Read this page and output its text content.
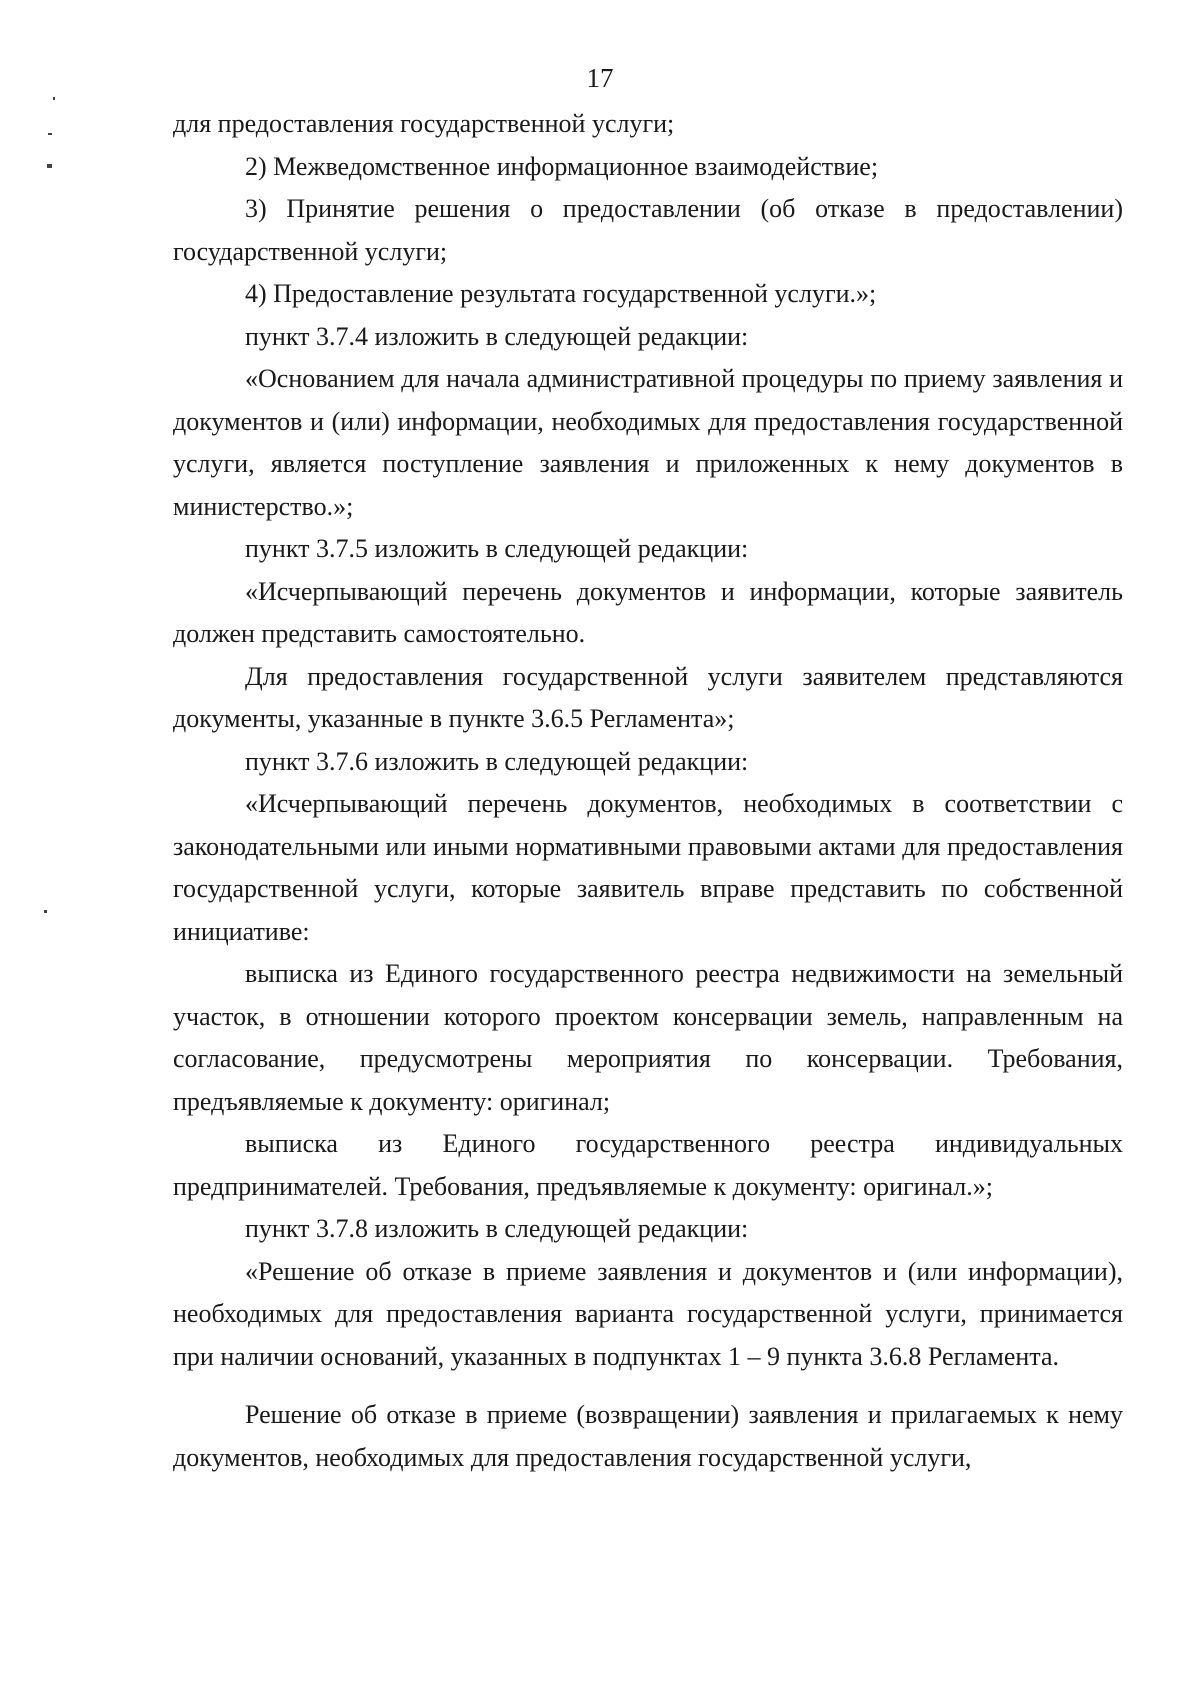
17

для предоставления государственной услуги;

2) Межведомственное информационное взаимодействие;

3) Принятие решения о предоставлении (об отказе в предоставлении) государственной услуги;

4) Предоставление результата государственной услуги.»;

пункт 3.7.4 изложить в следующей редакции:

«Основанием для начала административной процедуры по приему заявления и документов и (или) информации, необходимых для предоставления государственной услуги, является поступление заявления и приложенных к нему документов в министерство.»;

пункт 3.7.5 изложить в следующей редакции:

«Исчерпывающий перечень документов и информации, которые заявитель должен представить самостоятельно.

Для предоставления государственной услуги заявителем представляются документы, указанные в пункте 3.6.5 Регламента»;

пункт 3.7.6 изложить в следующей редакции:

«Исчерпывающий перечень документов, необходимых в соответствии с законодательными или иными нормативными правовыми актами для предоставления государственной услуги, которые заявитель вправе представить по собственной инициативе:

выписка из Единого государственного реестра недвижимости на земельный участок, в отношении которого проектом консервации земель, направленным на согласование, предусмотрены мероприятия по консервации. Требования, предъявляемые к документу: оригинал;

выписка из Единого государственного реестра индивидуальных предпринимателей. Требования, предъявляемые к документу: оригинал.»;

пункт 3.7.8 изложить в следующей редакции:

«Решение об отказе в приеме заявления и документов и (или информации), необходимых для предоставления варианта государственной услуги, принимается при наличии оснований, указанных в подпунктах 1 – 9 пункта 3.6.8 Регламента.

Решение об отказе в приеме (возвращении) заявления и прилагаемых к нему документов, необходимых для предоставления государственной услуги,
